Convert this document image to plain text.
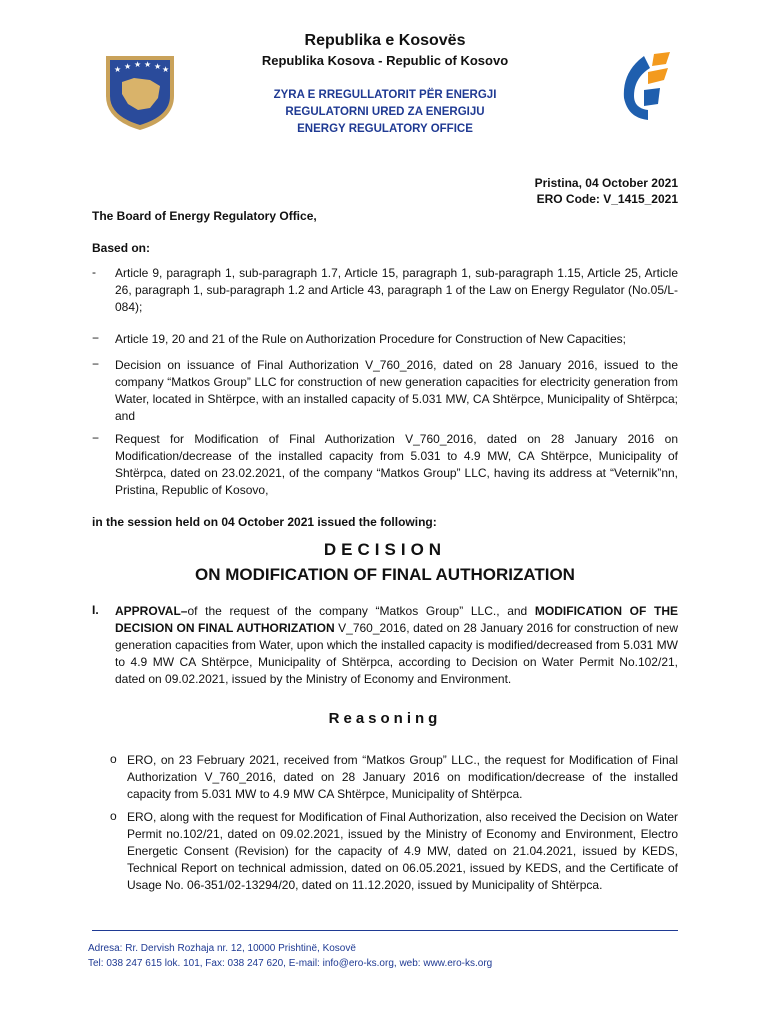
★ ★ ★ ★ ★ ★
Republika e Kosovës
Republika Kosova - Republic of Kosovo
ZYRA E RREGULLATORIT PËR ENERGJI
REGULATORNI URED ZA ENERGIJU
ENERGY REGULATORY OFFICE
Pristina, 04 October 2021
ERO Code: V_1415_2021
The Board of Energy Regulatory Office,
Based on:
- Article 9, paragraph 1, sub-paragraph 1.7, Article 15, paragraph 1, sub-paragraph 1.15, Article 25, Article 26, paragraph 1, sub-paragraph 1.2 and Article 43, paragraph 1 of the Law on Energy Regulator (No.05/L-084);
− Article 19, 20 and 21 of the Rule on Authorization Procedure for Construction of New Capacities;
− Decision on issuance of Final Authorization V_760_2016, dated on 28 January 2016, issued to the company “Matkos Group” LLC for construction of new generation capacities for electricity generation from Water, located in Shtërpce, with an installed capacity of 5.031 MW, CA Shtërpce, Municipality of Shtërpca; and
− Request for Modification of Final Authorization V_760_2016, dated on 28 January 2016 on Modification/decrease of the installed capacity from 5.031 to 4.9 MW, CA Shtërpce, Municipality of Shtërpca, dated on 23.02.2021, of the company “Matkos Group” LLC, having its address at “Veternik”nn, Pristina, Republic of Kosovo,
in the session held on 04 October 2021 issued the following:
DECISION
ON MODIFICATION OF FINAL AUTHORIZATION
I. APPROVAL–of the request of the company “Matkos Group” LLC., and MODIFICATION OF THE DECISION ON FINAL AUTHORIZATION V_760_2016, dated on 28 January 2016 for construction of new generation capacities from Water, upon which the installed capacity is modified/decreased from 5.031 MW to 4.9 MW CA Shtërpce, Municipality of Shtërpca, according to Decision on Water Permit No.102/21, dated on 09.02.2021, issued by the Ministry of Economy and Environment.
Reasoning
o ERO, on 23 February 2021, received from “Matkos Group” LLC., the request for Modification of Final Authorization V_760_2016, dated on 28 January 2016 on modification/decrease of the installed capacity from 5.031 MW to 4.9 MW CA Shtërpce, Municipality of Shtërpca.
o ERO, along with the request for Modification of Final Authorization, also received the Decision on Water Permit no.102/21, dated on 09.02.2021, issued by the Ministry of Economy and Environment, Electro Energetic Consent (Revision) for the capacity of 4.9 MW, dated on 21.04.2021, issued by KEDS, Technical Report on technical admission, dated on 06.05.2021, issued by KEDS, and the Certificate of Usage No. 06-351/02-13294/20, dated on 11.12.2020, issued by Municipality of Shtërpca.
Adresa: Rr. Dervish Rozhaja nr. 12, 10000 Prishtinë, Kosovë
Tel: 038 247 615 lok. 101, Fax: 038 247 620, E-mail: info@ero-ks.org, web: www.ero-ks.org
